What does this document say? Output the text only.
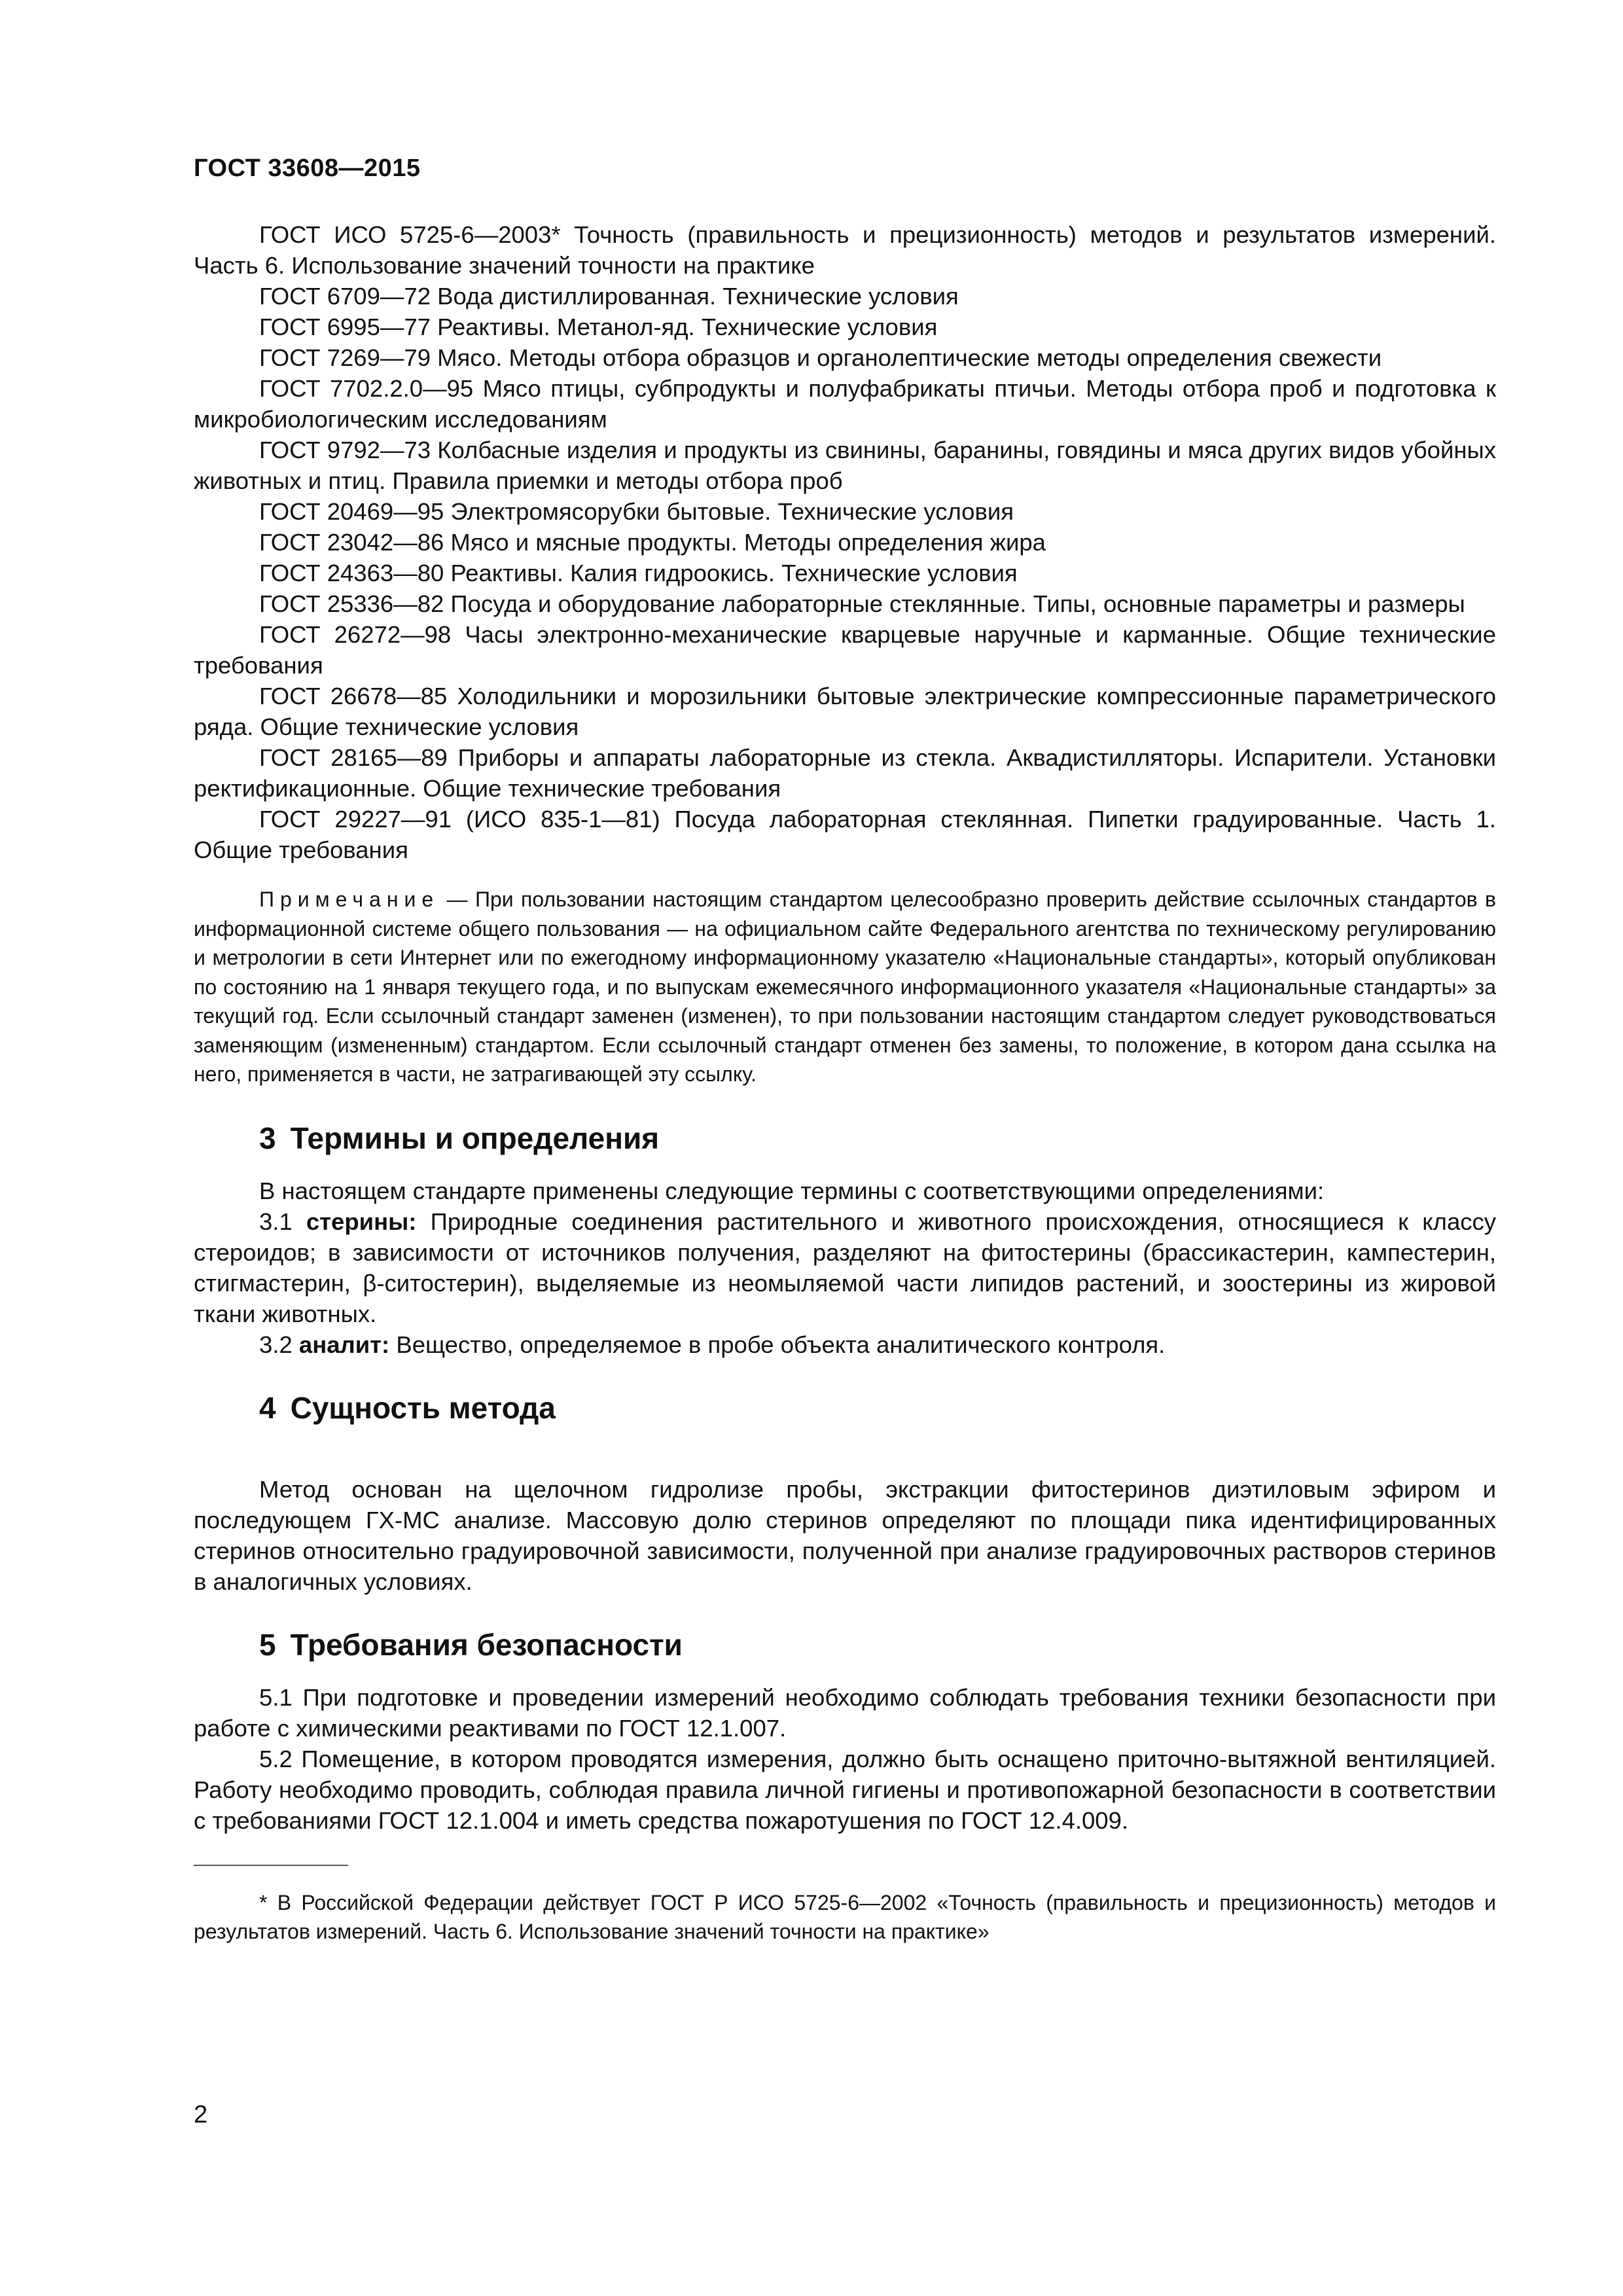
ГОСТ 33608—2015

ГОСТ ИСО 5725-6—2003* Точность (правильность и прецизионность) методов и результатов измерений. Часть 6. Использование значений точности на практике

ГОСТ 6709—72 Вода дистиллированная. Технические условия

ГОСТ 6995—77 Реактивы. Метанол-яд. Технические условия

ГОСТ 7269—79 Мясо. Методы отбора образцов и органолептические методы определения свежести

ГОСТ 7702.2.0—95 Мясо птицы, субпродукты и полуфабрикаты птичьи. Методы отбора проб и подготовка к микробиологическим исследованиям

ГОСТ 9792—73 Колбасные изделия и продукты из свинины, баранины, говядины и мяса других видов убойных животных и птиц. Правила приемки и методы отбора проб

ГОСТ 20469—95 Электромясорубки бытовые. Технические условия

ГОСТ 23042—86 Мясо и мясные продукты. Методы определения жира

ГОСТ 24363—80 Реактивы. Калия гидроокись. Технические условия

ГОСТ 25336—82 Посуда и оборудование лабораторные стеклянные. Типы, основные параметры и размеры

ГОСТ 26272—98 Часы электронно-механические кварцевые наручные и карманные. Общие технические требования

ГОСТ 26678—85 Холодильники и морозильники бытовые электрические компрессионные параметрического ряда. Общие технические условия

ГОСТ 28165—89 Приборы и аппараты лабораторные из стекла. Аквадистилляторы. Испарители. Установки ректификационные. Общие технические требования

ГОСТ 29227—91 (ИСО 835-1—81) Посуда лабораторная стеклянная. Пипетки градуированные. Часть 1. Общие требования

Примечание — При пользовании настоящим стандартом целесообразно проверить действие ссылочных стандартов в информационной системе общего пользования — на официальном сайте Федерального агентства по техническому регулированию и метрологии в сети Интернет или по ежегодному информационному указателю «Национальные стандарты», который опубликован по состоянию на 1 января текущего года, и по выпускам ежемесячного информационного указателя «Национальные стандарты» за текущий год. Если ссылочный стандарт заменен (изменен), то при пользовании настоящим стандартом следует руководствоваться заменяющим (измененным) стандартом. Если ссылочный стандарт отменен без замены, то положение, в котором дана ссылка на него, применяется в части, не затрагивающей эту ссылку.

3 Термины и определения

В настоящем стандарте применены следующие термины с соответствующими определениями:

3.1 стерины: Природные соединения растительного и животного происхождения, относящиеся к классу стероидов; в зависимости от источников получения, разделяют на фитостерины (брассикастерин, кампестерин, стигмастерин, β-ситостерин), выделяемые из неомыляемой части липидов растений, и зоостерины из жировой ткани животных.

3.2 аналит: Вещество, определяемое в пробе объекта аналитического контроля.

4 Сущность метода

Метод основан на щелочном гидролизе пробы, экстракции фитостеринов диэтиловым эфиром и последующем ГХ-МС анализе. Массовую долю стеринов определяют по площади пика идентифицированных стеринов относительно градуировочной зависимости, полученной при анализе градуировочных растворов стеринов в аналогичных условиях.

5 Требования безопасности

5.1 При подготовке и проведении измерений необходимо соблюдать требования техники безопасности при работе с химическими реактивами по ГОСТ 12.1.007.

5.2 Помещение, в котором проводятся измерения, должно быть оснащено приточно-вытяжной вентиляцией. Работу необходимо проводить, соблюдая правила личной гигиены и противопожарной безопасности в соответствии с требованиями ГОСТ 12.1.004 и иметь средства пожаротушения по ГОСТ 12.4.009.

* В Российской Федерации действует ГОСТ Р ИСО 5725-6—2002 «Точность (правильность и прецизионность) методов и результатов измерений. Часть 6. Использование значений точности на практике»

2
